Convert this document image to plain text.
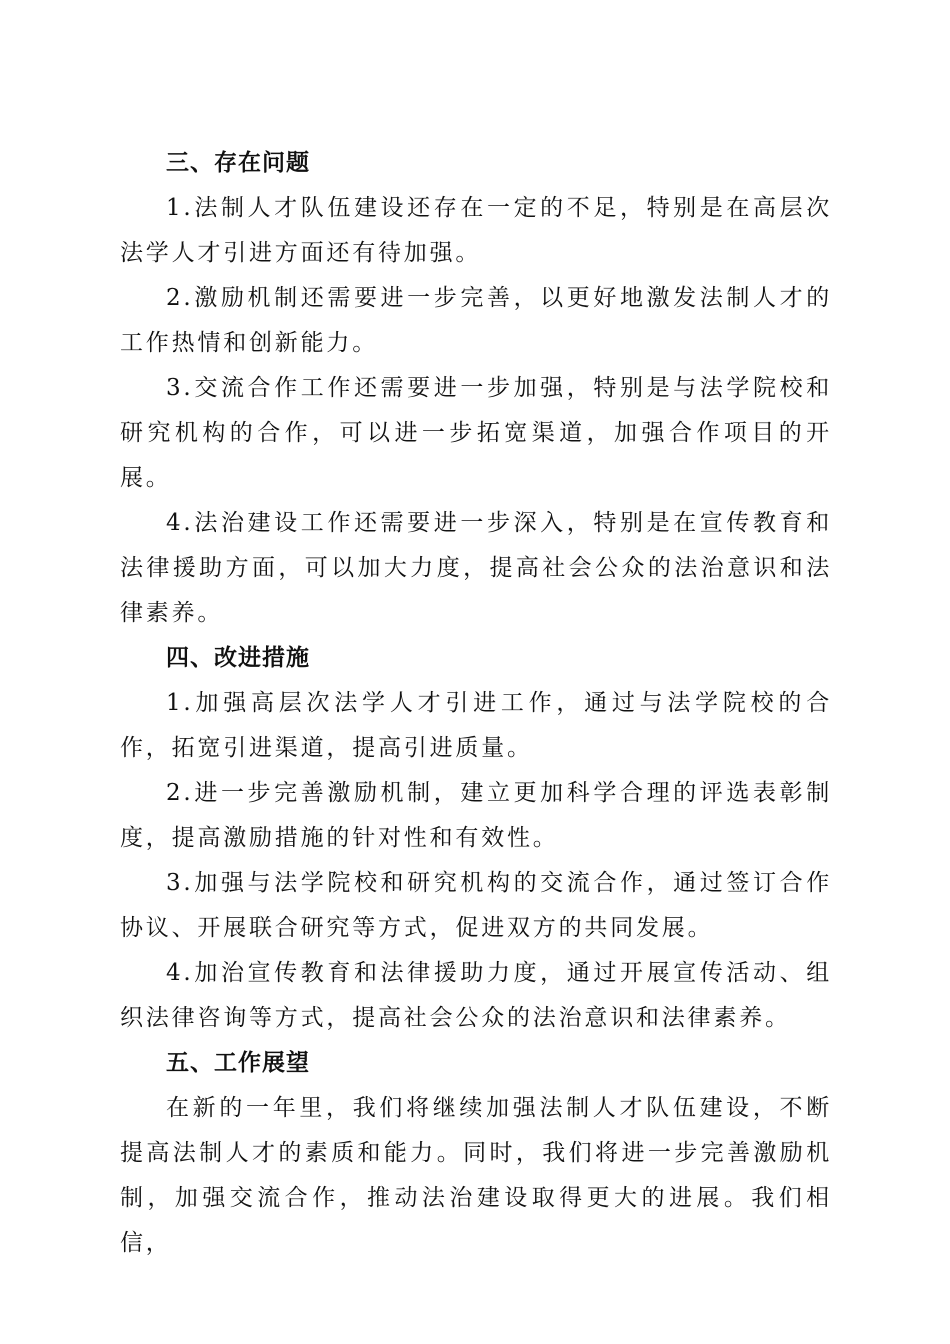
三、存在问题

1.法制人才队伍建设还存在一定的不足，特别是在高层次法学人才引进方面还有待加强。

2.激励机制还需要进一步完善，以更好地激发法制人才的工作热情和创新能力。

3.交流合作工作还需要进一步加强，特别是与法学院校和研究机构的合作，可以进一步拓宽渠道，加强合作项目的开展。

4.法治建设工作还需要进一步深入，特别是在宣传教育和法律援助方面，可以加大力度，提高社会公众的法治意识和法律素养。

四、改进措施

1.加强高层次法学人才引进工作，通过与法学院校的合作，拓宽引进渠道，提高引进质量。

2.进一步完善激励机制，建立更加科学合理的评选表彰制度，提高激励措施的针对性和有效性。

3.加强与法学院校和研究机构的交流合作，通过签订合作协议、开展联合研究等方式，促进双方的共同发展。

4.加治宣传教育和法律援助力度，通过开展宣传活动、组织法律咨询等方式，提高社会公众的法治意识和法律素养。

五、工作展望

在新的一年里，我们将继续加强法制人才队伍建设，不断提高法制人才的素质和能力。同时，我们将进一步完善激励机制，加强交流合作，推动法治建设取得更大的进展。我们相信，
